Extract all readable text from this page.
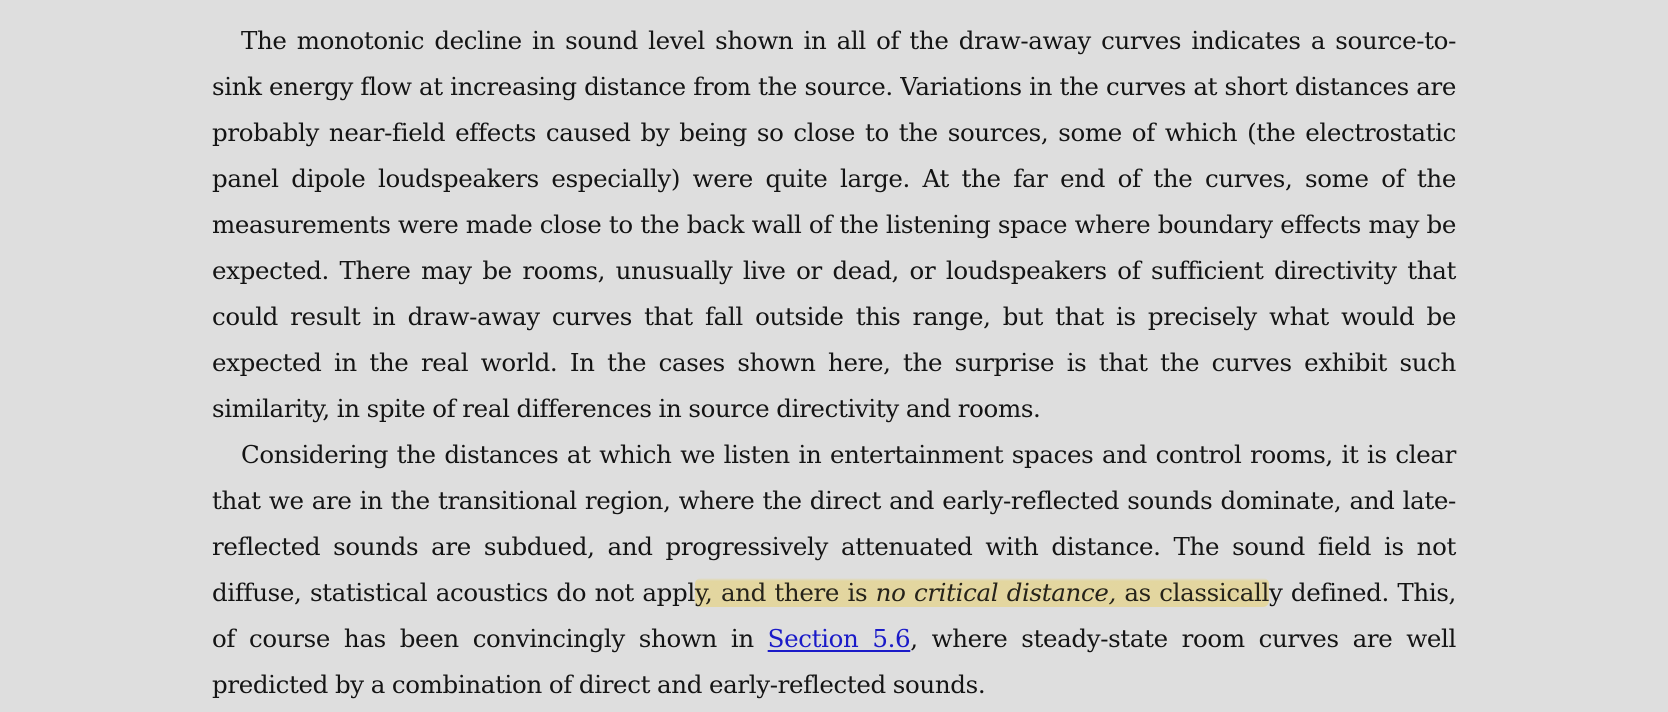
The monotonic decline in sound level shown in all of the draw-away curves indicates a source-to-sink energy flow at increasing distance from the source. Variations in the curves at short distances are probably near-field effects caused by being so close to the sources, some of which (the electrostatic panel dipole loudspeakers especially) were quite large. At the far end of the curves, some of the measurements were made close to the back wall of the listening space where boundary effects may be expected. There may be rooms, unusually live or dead, or loudspeakers of sufficient directivity that could result in draw-away curves that fall outside this range, but that is precisely what would be expected in the real world. In the cases shown here, the surprise is that the curves exhibit such similarity, in spite of real differences in source directivity and rooms.

Considering the distances at which we listen in entertainment spaces and control rooms, it is clear that we are in the transitional region, where the direct and early-reflected sounds dominate, and late-reflected sounds are subdued, and progressively attenuated with distance. The sound field is not diffuse, statistical acoustics do not apply, and there is no critical distance, as classically defined. This, of course has been convincingly shown in Section 5.6, where steady-state room curves are well predicted by a combination of direct and early-reflected sounds.
